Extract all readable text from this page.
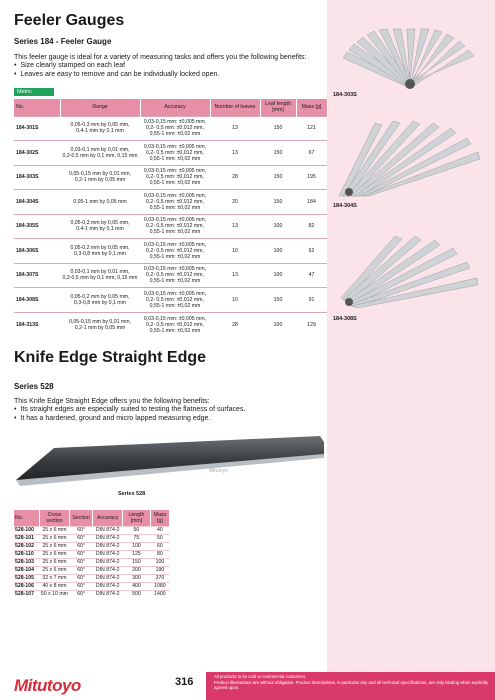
184-303S
184-304S
184-308S
Feeler Gauges
Series 184 - Feeler Gauge

This feeler gauge is ideal for a variety of measuring tasks and offers you the following benefits:

• Size clearly stamped on each leaf
• Leaves are easy to remove and can be individually locked open.
Metric
No.	Range	Accuracy	Number of leaves	Leaf length [mm]	Mass [g]
184-301S	0,05-0,3 mm by 0,05 mm,
0,4-1 mm by 0,1 mm	0,03-0,15 mm: ±0,005 mm,
0,2- 0,5 mm: ±0,012 mm,
0,55-1 mm: ±0,02 mm	13	150	121
184-302S	0,03-0,1 mm by 0,01 mm,
0,2-0,5 mm by 0,1 mm, 0,15 mm	0,03-0,15 mm: ±0,005 mm,
0,2- 0,5 mm: ±0,012 mm,
0,55-1 mm: ±0,02 mm	13	150	67
184-303S	0,05-0,15 mm by 0,01 mm,
0,2-1 mm by 0,05 mm	0,03-0,15 mm: ±0,005 mm,
0,2- 0,5 mm: ±0,012 mm,
0,55-1 mm: ±0,02 mm	28	150	195
184-304S	0,05-1 mm by 0,05 mm	0,03-0,15 mm: ±0,005 mm,
0,2- 0,5 mm: ±0,012 mm,
0,55-1 mm: ±0,02 mm	20	150	184
184-305S	0,05-0,3 mm by 0,05 mm,
0,4-1 mm by 0,1 mm	0,03-0,15 mm: ±0,005 mm,
0,2- 0,5 mm: ±0,012 mm,
0,55-1 mm: ±0,02 mm	13	100	82
184-306S	0,05-0,2 mm by 0,05 mm,
0,3-0,8 mm by 0,1 mm	0,03-0,15 mm: ±0,005 mm,
0,2- 0,5 mm: ±0,012 mm,
0,55-1 mm: ±0,02 mm	10	100	62
184-307S	0,03-0,1 mm by 0,01 mm,
0,2-0,5 mm by 0,1 mm, 0,15 mm	0,03-0,15 mm: ±0,005 mm,
0,2- 0,5 mm: ±0,012 mm,
0,55-1 mm: ±0,02 mm	13	100	47
184-308S	0,05-0,2 mm by 0,05 mm,
0,3-0,8 mm by 0,1 mm	0,03-0,15 mm: ±0,005 mm,
0,2- 0,5 mm: ±0,012 mm,
0,55-1 mm: ±0,02 mm	10	150	91
184-313S	0,05-0,15 mm by 0,01 mm,
0,2-1 mm by 0,05 mm	0,03-0,15 mm: ±0,005 mm,
0,2- 0,5 mm: ±0,012 mm,
0,55-1 mm: ±0,02 mm	28	100	129
Knife Edge Straight Edge
Series 528

This Knife Edge Straight Edge offers you the following benefits:

• Its straight edges are especially suited to testing the flatness of surfaces.
• It has a hardened, ground and micro lapped measuring edge.
Mitutoyo
Series 528
No.	Cross section	Section	Accuracy	Length [mm]	Mass [g]
528-100	25 x 6 mm	60°	DIN 874-2	50	40
528-101	25 x 6 mm	60°	DIN 874-2	75	50
528-102	25 x 6 mm	60°	DIN 874-2	100	60
528-110	25 x 6 mm	60°	DIN 874-2	125	80
528-103	25 x 6 mm	60°	DIN 874-2	150	100
528-104	25 x 6 mm	60°	DIN 874-2	200	190
528-105	32 x 7 mm	60°	DIN 874-2	300	370
528-106	40 x 8 mm	60°	DIN 874-2	400	1080
528-107	50 x 10 mm	60°	DIN 874-2	500	1400
Mitutoyo	316	All products to be sold to commercial customers.
Product illustrations are without obligation. Product descriptions, in particular any and all technical specifications, are only binding when explicitly agreed upon.
